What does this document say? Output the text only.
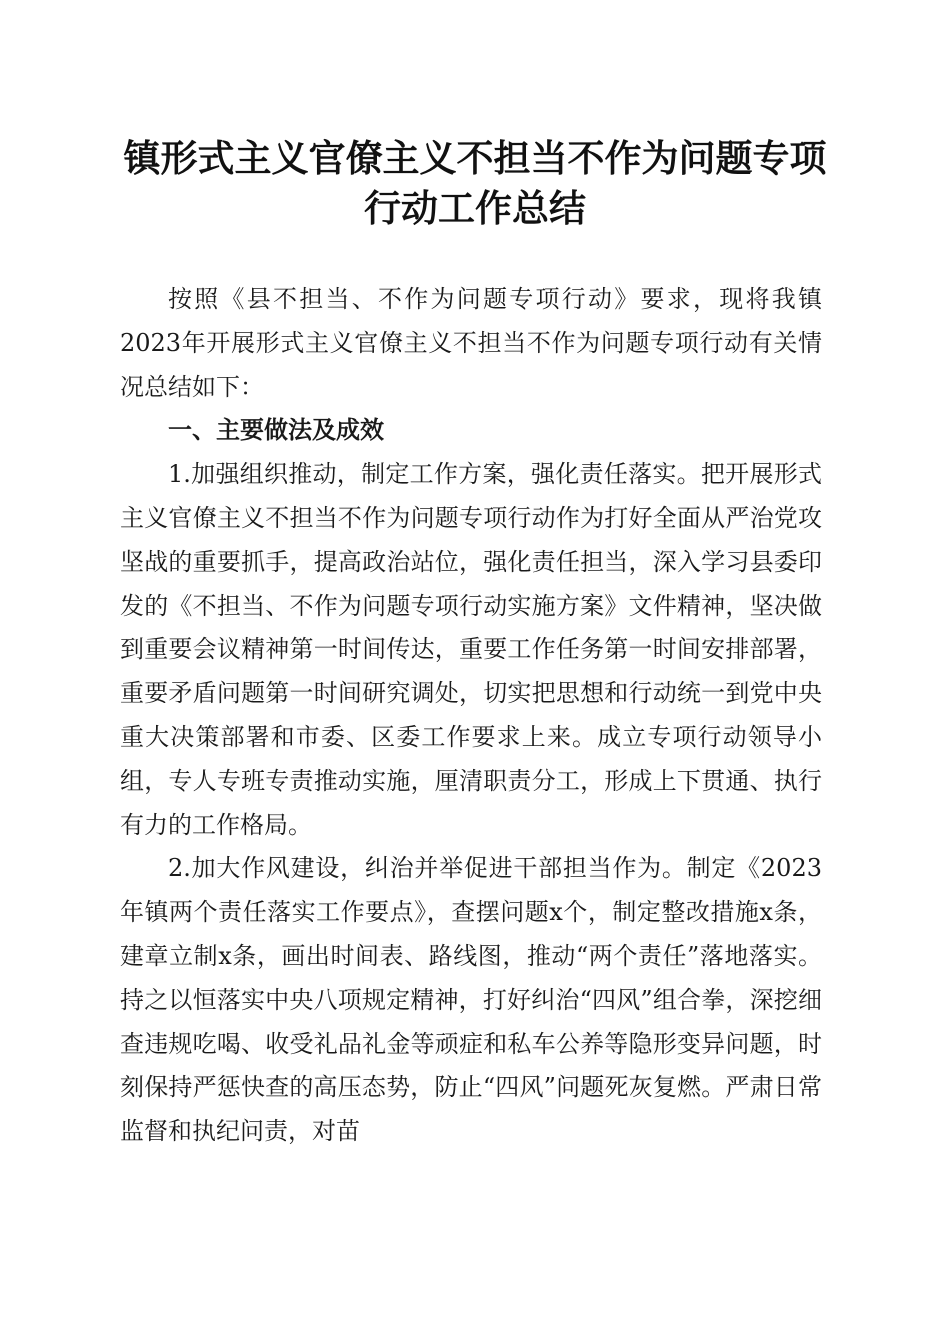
镇形式主义官僚主义不担当不作为问题专项行动工作总结

按照《县不担当、不作为问题专项行动》要求，现将我镇2023年开展形式主义官僚主义不担当不作为问题专项行动有关情况总结如下：

一、主要做法及成效

1.加强组织推动，制定工作方案，强化责任落实。把开展形式主义官僚主义不担当不作为问题专项行动作为打好全面从严治党攻坚战的重要抓手，提高政治站位，强化责任担当，深入学习县委印发的《不担当、不作为问题专项行动实施方案》文件精神，坚决做到重要会议精神第一时间传达，重要工作任务第一时间安排部署，重要矛盾问题第一时间研究调处，切实把思想和行动统一到党中央重大决策部署和市委、区委工作要求上来。成立专项行动领导小组，专人专班专责推动实施，厘清职责分工，形成上下贯通、执行有力的工作格局。

2.加大作风建设，纠治并举促进干部担当作为。制定《2023年镇两个责任落实工作要点》，查摆问题x个，制定整改措施x条，建章立制x条，画出时间表、路线图，推动“两个责任”落地落实。持之以恒落实中央八项规定精神，打好纠治“四风”组合拳，深挖细查违规吃喝、收受礼品礼金等顽症和私车公养等隐形变异问题，时刻保持严惩快查的高压态势，防止“四风”问题死灰复燃。严肃日常监督和执纪问责，对苗
